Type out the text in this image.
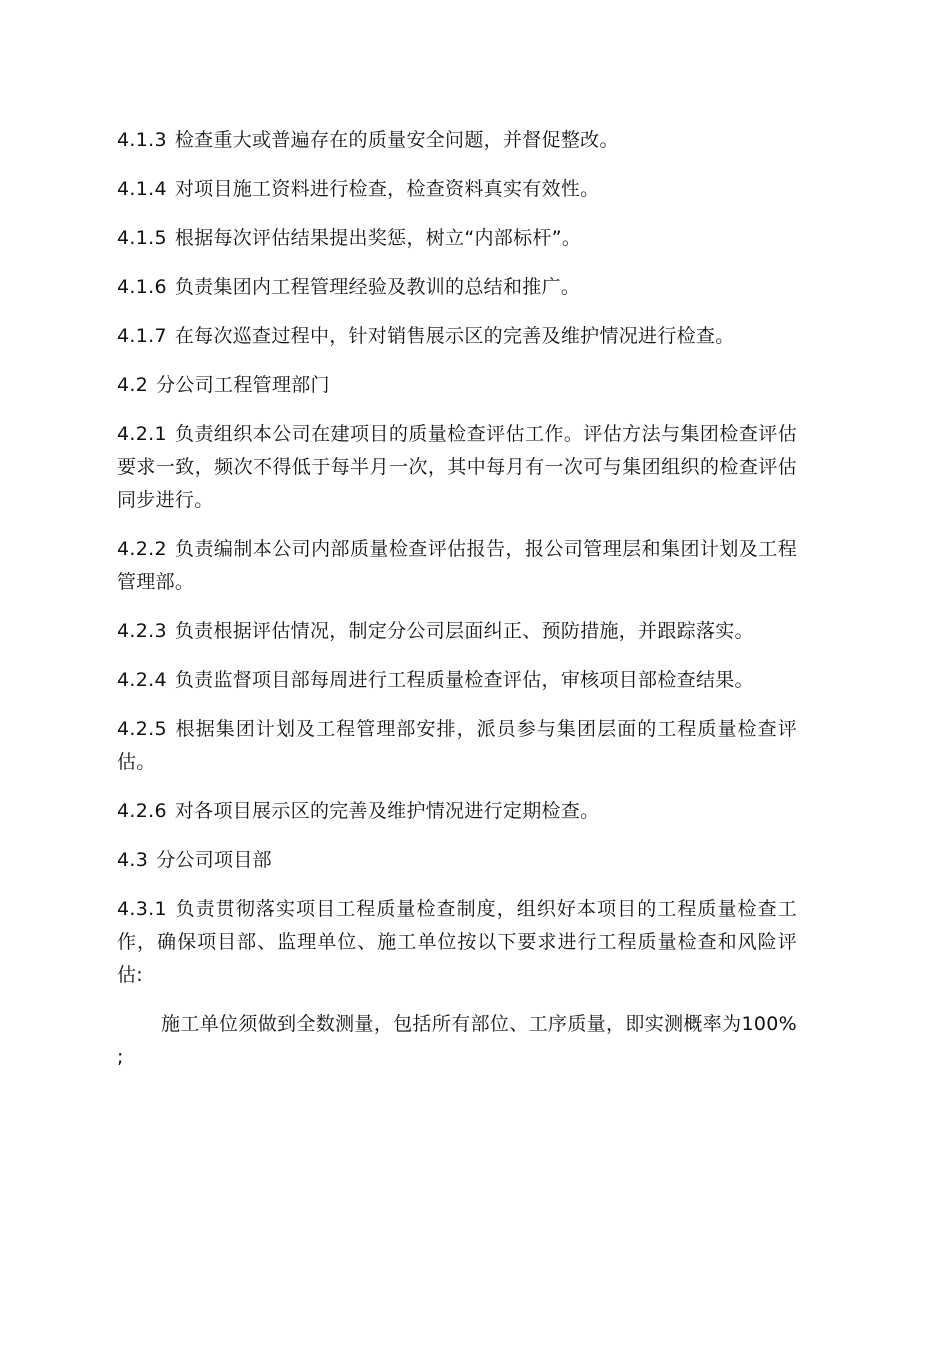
4.1.3 检查重大或普遍存在的质量安全问题，并督促整改。

4.1.4 对项目施工资料进行检查，检查资料真实有效性。

4.1.5 根据每次评估结果提出奖惩，树立“内部标杆”。

4.1.6 负责集团内工程管理经验及教训的总结和推广。

4.1.7 在每次巡查过程中，针对销售展示区的完善及维护情况进行检查。

4.2 分公司工程管理部门

4.2.1 负责组织本公司在建项目的质量检查评估工作。评估方法与集团检查评估要求一致，频次不得低于每半月一次，其中每月有一次可与集团组织的检查评估同步进行。

4.2.2 负责编制本公司内部质量检查评估报告，报公司管理层和集团计划及工程管理部。

4.2.3 负责根据评估情况，制定分公司层面纠正、预防措施，并跟踪落实。

4.2.4 负责监督项目部每周进行工程质量检查评估，审核项目部检查结果。

4.2.5 根据集团计划及工程管理部安排，派员参与集团层面的工程质量检查评估。

4.2.6 对各项目展示区的完善及维护情况进行定期检查。

4.3 分公司项目部

4.3.1 负责贯彻落实项目工程质量检查制度，组织好本项目的工程质量检查工作，确保项目部、监理单位、施工单位按以下要求进行工程质量检查和风险评估:

施工单位须做到全数测量，包括所有部位、工序质量，即实测概率为100% ;
